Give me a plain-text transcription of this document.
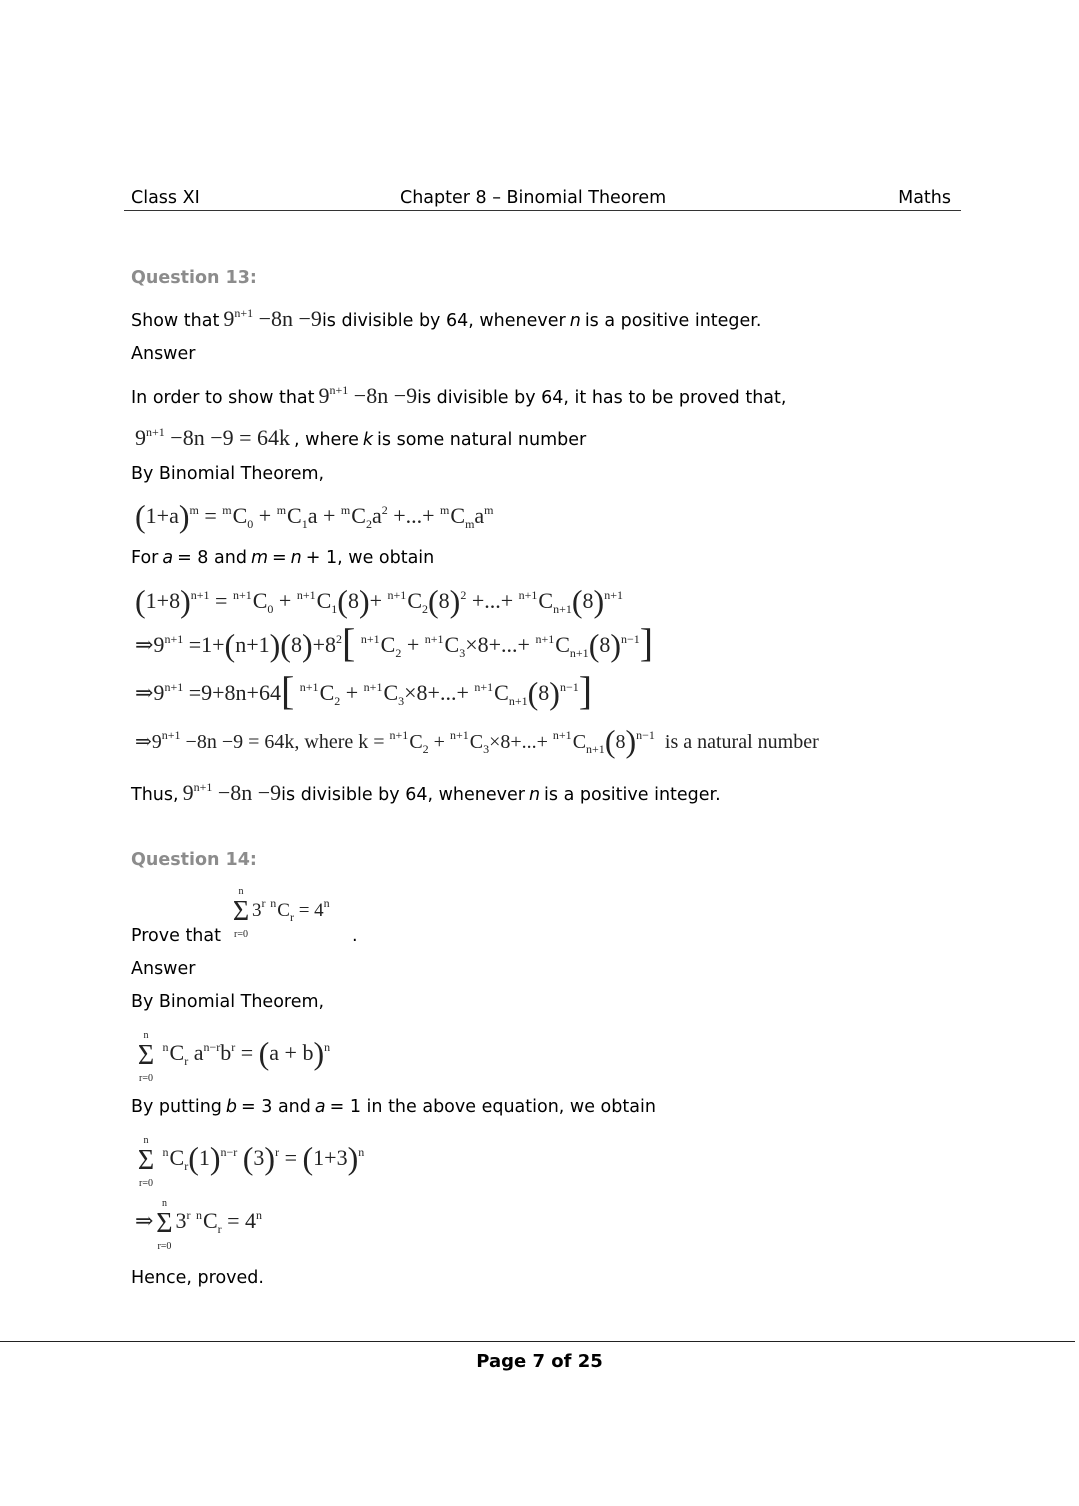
Class XI	Chapter 8 – Binomial Theorem	Maths
Question 13:
Show that $9^{n+1} -8n -9is$ divisible by 64, whenever n is a positive integer.
Answer
In order to show that $9^{n+1} -8n -9is$ divisible by 64, it has to be proved that,
$9^{n+1} -8n -9 = 64k$ , where k is some natural number
By Binomial Theorem,
$(1+a)^m = ^mC_0 + ^mC_1a + ^mC_2a^2$ +...+ $^mC_ma^m$
For a = 8 and m = n + 1, we obtain
$(1+8)^{n+1} = ^{n+1}C_0 + ^{n+1}C_1(8)+ ^{n+1}C_2(8)^2$ +...+ $^{n+1}C_{n+1}(8)^{n+1}$
$\Rightarrow 9^{n+1} =1+(n+1)(8)+8^2$[ $^{n+1}C_2 + ^{n+1}C_3\times 8+...+ ^{n+1}C_{n+1}(8)^{n-1}$]
$\Rightarrow 9^{n+1} =9+8n+64$[ $^{n+1}C_2 + ^{n+1}C_3\times 8+...+ ^{n+1}C_{n+1}(8)^{n-1}$]
$\Rightarrow 9^{n+1} -8n -9 = 64k$, where $k = ^{n+1}C_2 + ^{n+1}C_3\times 8+...+ ^{n+1}C_{n+1}(8)^{n-1}$ is a natural number
Thus, $9^{n+1} -8n -9is$ divisible by 64, whenever n is a positive integer.
Question 14:
n
Σ
r=0
3$^r$ $^nC_r = 4^n$
Prove that	.
Answer
By Binomial Theorem,
n
Σ
r=0
$^nC_r$ $a^{n-r}b^r = (a + b)^n$
By putting b = 3 and a = 1 in the above equation, we obtain
n
Σ
r=0
$^nC_r(1)^{n-r}$ $(3)^r = (1+3)^n$
⇒
n
Σ
r=0
3$^r$ $^nC_r = 4^n$
Hence, proved.
Page 7 of 25
